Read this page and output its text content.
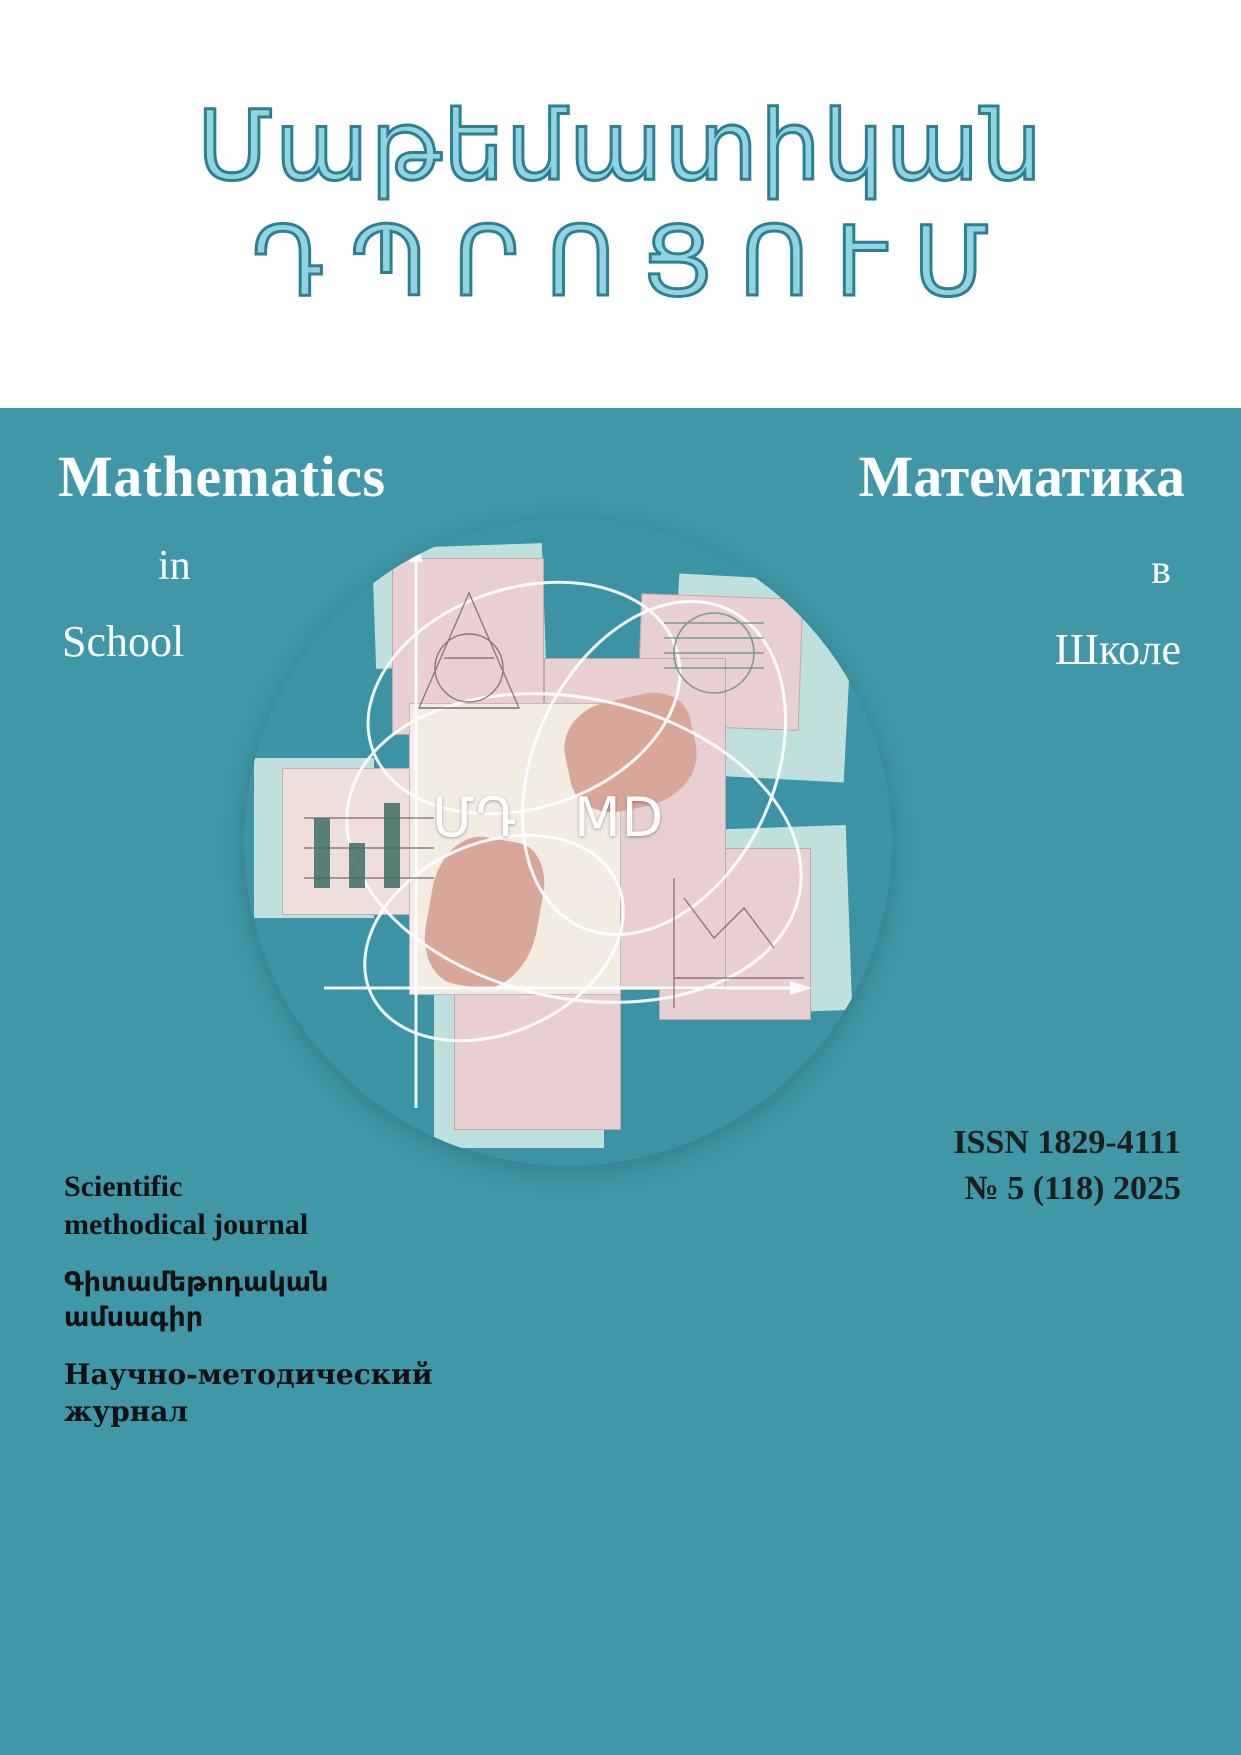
Մաթեմատիկան
ԴՊՐՈՑՈՒՄ
Mathematics
in
School
Математика
в
Школе
ՄԴ MD
ISSN 1829-4111
№ 5 (118) 2025
Scientific
methodical journal
Գիտամեթոդական
ամսագիր
Научно-методический
журнал
